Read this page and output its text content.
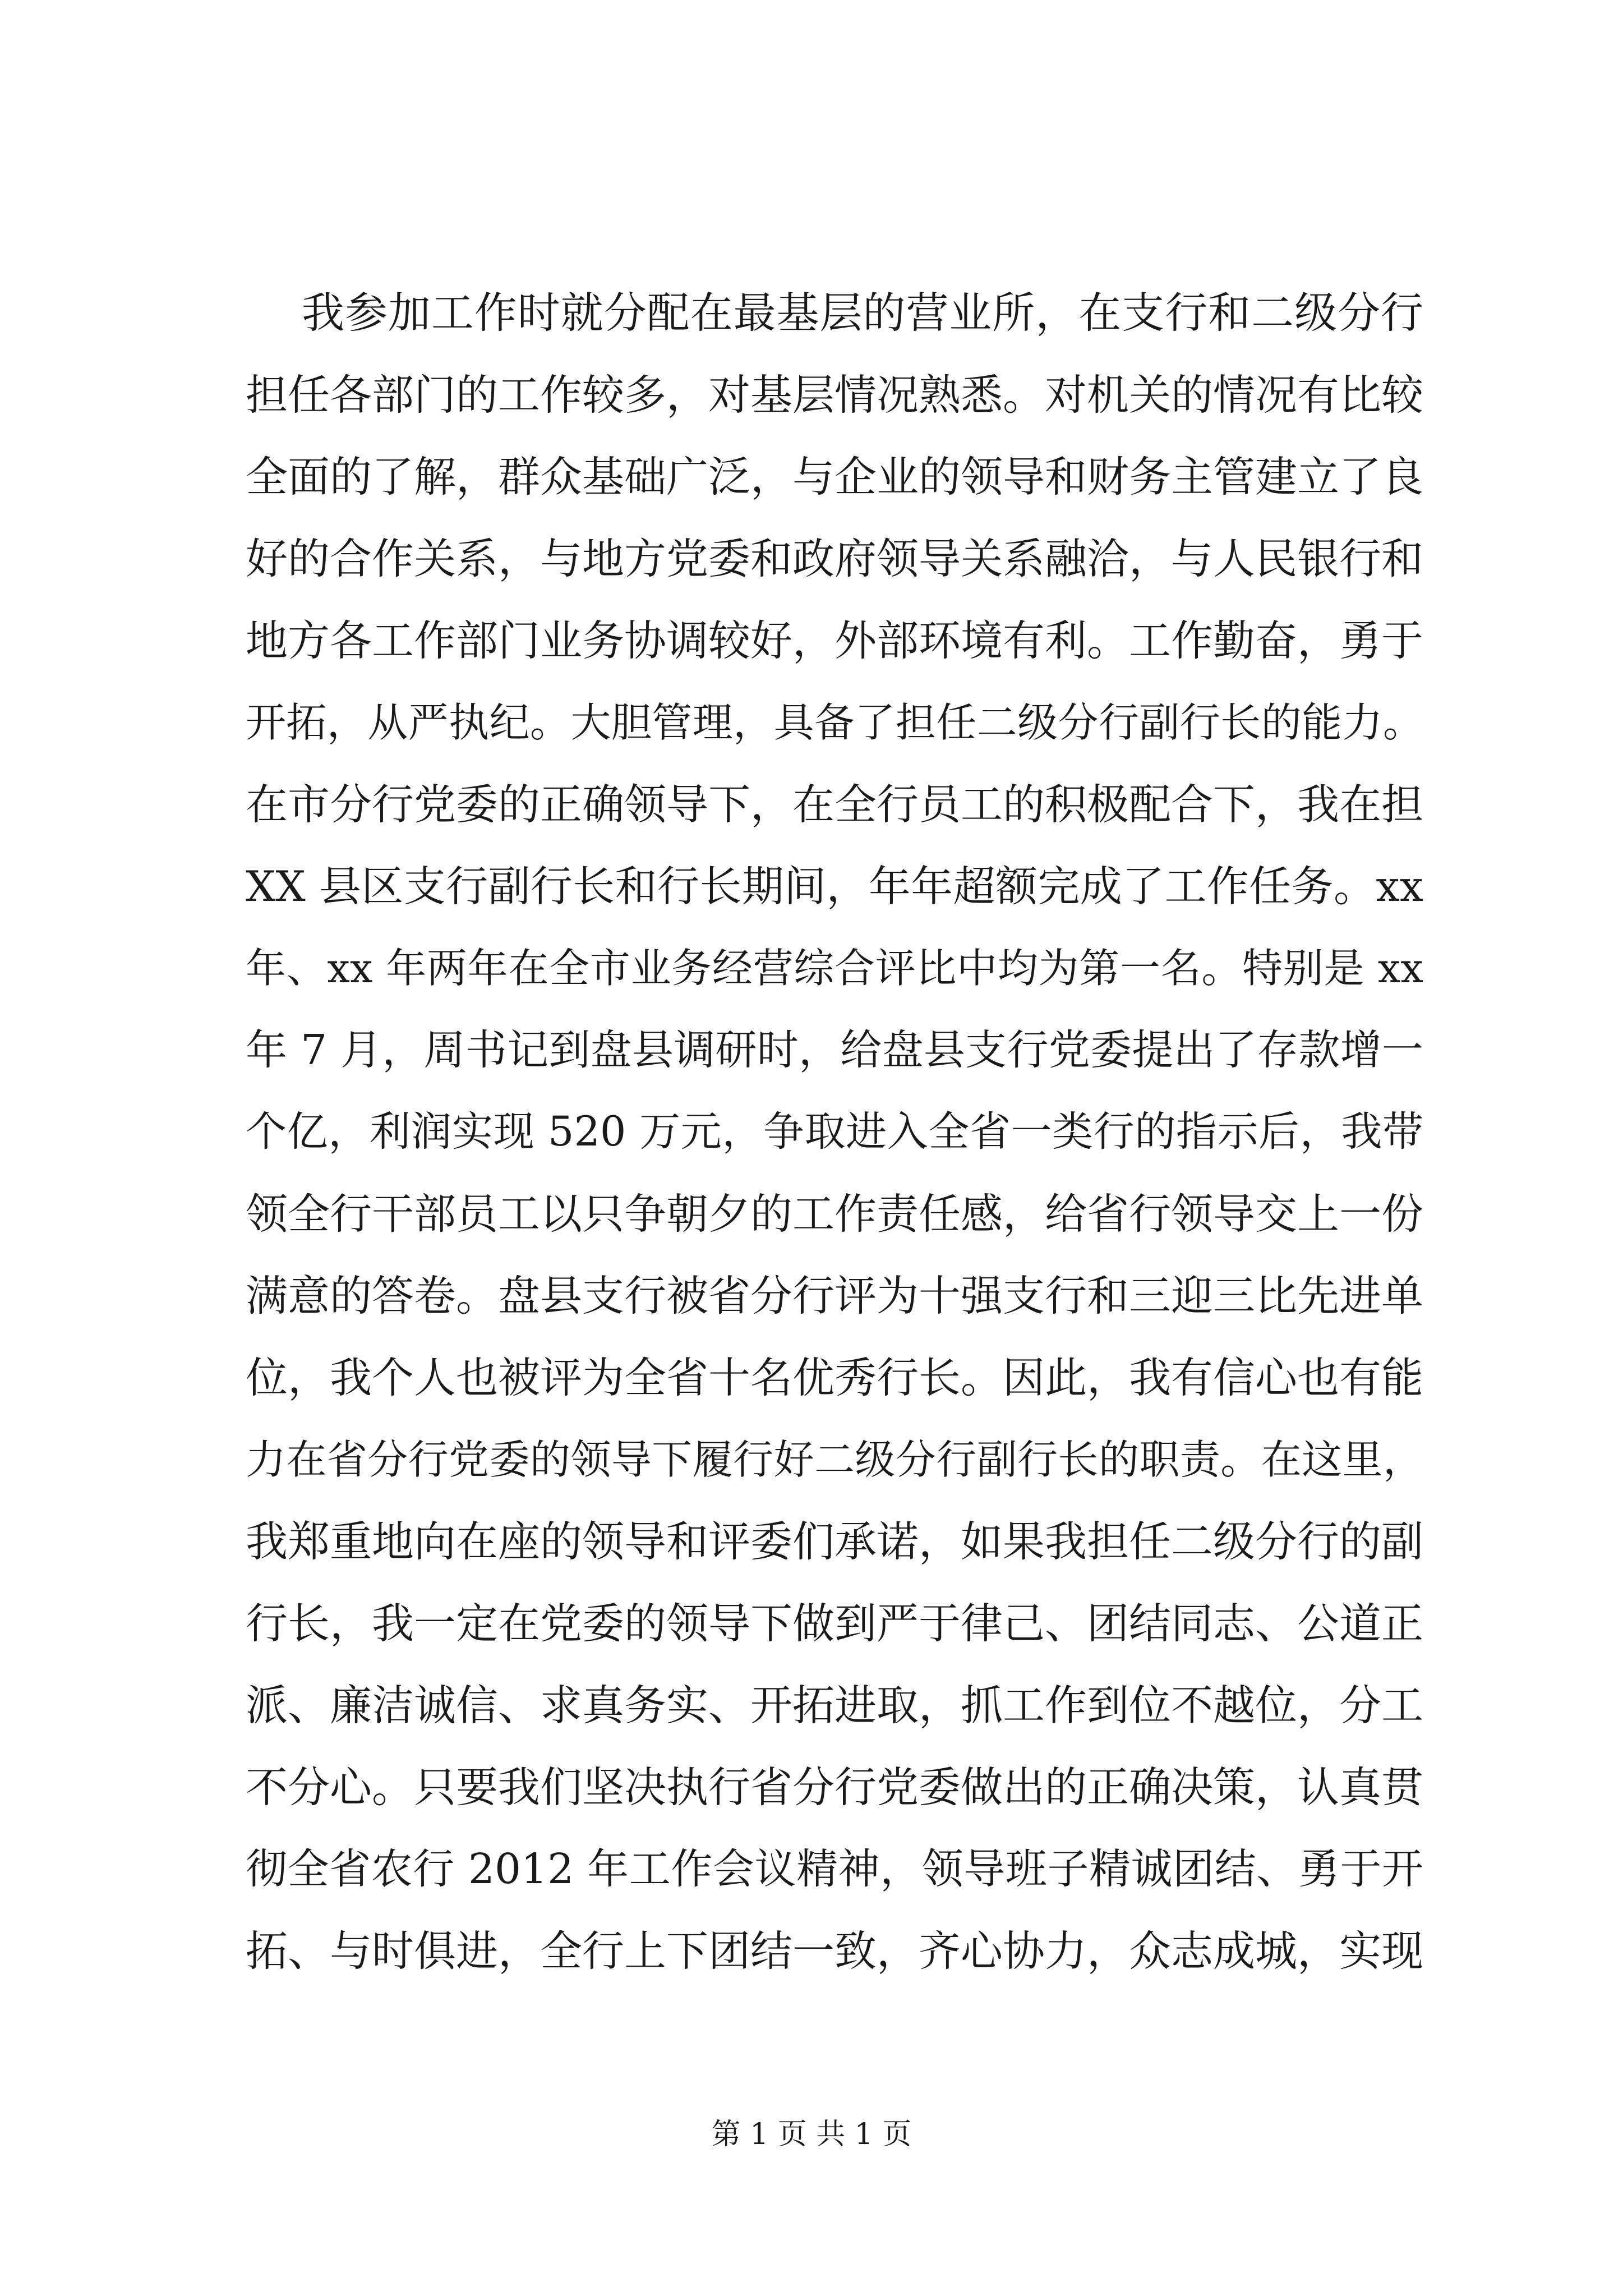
我参加工作时就分配在最基层的营业所，在支行和二级分行
担任各部门的工作较多，对基层情况熟悉。对机关的情况有比较
全面的了解，群众基础广泛，与企业的领导和财务主管建立了良
好的合作关系，与地方党委和政府领导关系融洽，与人民银行和
地方各工作部门业务协调较好，外部环境有利。工作勤奋，勇于
开拓，从严执纪。大胆管理，具备了担任二级分行副行长的能力。
在市分行党委的正确领导下，在全行员工的积极配合下，我在担
XX 县区支行副行长和行长期间，年年超额完成了工作任务。xx
年、xx 年两年在全市业务经营综合评比中均为第一名。特别是 xx
年 7 月，周书记到盘县调研时，给盘县支行党委提出了存款增一
个亿，利润实现 520 万元，争取进入全省一类行的指示后，我带
领全行干部员工以只争朝夕的工作责任感，给省行领导交上一份
满意的答卷。盘县支行被省分行评为十强支行和三迎三比先进单
位，我个人也被评为全省十名优秀行长。因此，我有信心也有能
力在省分行党委的领导下履行好二级分行副行长的职责。在这里，
我郑重地向在座的领导和评委们承诺，如果我担任二级分行的副
行长，我一定在党委的领导下做到严于律己、团结同志、公道正
派、廉洁诚信、求真务实、开拓进取，抓工作到位不越位，分工
不分心。只要我们坚决执行省分行党委做出的正确决策，认真贯
彻全省农行 2012 年工作会议精神，领导班子精诚团结、勇于开
拓、与时俱进，全行上下团结一致，齐心协力，众志成城，实现
第 1 页 共 1 页
